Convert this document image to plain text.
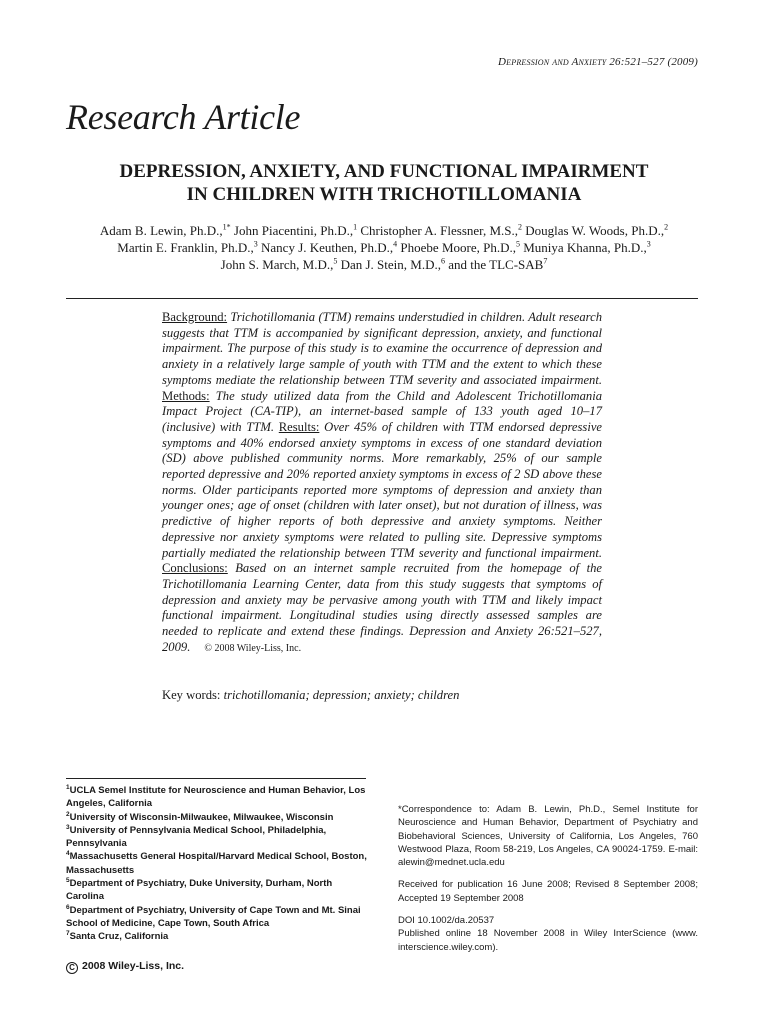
Depression and Anxiety 26:521–527 (2009)
Research Article
DEPRESSION, ANXIETY, AND FUNCTIONAL IMPAIRMENT
IN CHILDREN WITH TRICHOTILLOMANIA
Adam B. Lewin, Ph.D.,$^{1*}$ John Piacentini, Ph.D.,$^1$ Christopher A. Flessner, M.S.,$^2$ Douglas W. Woods, Ph.D.,$^2$
Martin E. Franklin, Ph.D.,$^3$ Nancy J. Keuthen, Ph.D.,$^4$ Phoebe Moore, Ph.D.,$^5$ Muniya Khanna, Ph.D.,$^3$
John S. March, M.D.,$^5$ Dan J. Stein, M.D.,$^6$ and the TLC-SAB$^7$
Background: Trichotillomania (TTM) remains understudied in children. Adult research suggests that TTM is accompanied by significant depression, anxiety, and functional impairment. The purpose of this study is to examine the occurrence of depression and anxiety in a relatively large sample of youth with TTM and the extent to which these symptoms mediate the relationship between TTM severity and associated impairment. Methods: The study utilized data from the Child and Adolescent Trichotillomania Impact Project (CA-TIP), an internet-based sample of 133 youth aged 10–17 (inclusive) with TTM. Results: Over 45% of children with TTM endorsed depressive symptoms and 40% endorsed anxiety symptoms in excess of one standard deviation (SD) above published community norms. More remarkably, 25% of our sample reported depressive and 20% reported anxiety symptoms in excess of 2 SD above these norms. Older participants reported more symptoms of depression and anxiety than younger ones; age of onset (children with later onset), but not duration of illness, was predictive of higher reports of both depressive and anxiety symptoms. Neither depressive nor anxiety symptoms were related to pulling site. Depressive symptoms partially mediated the relationship between TTM severity and functional impairment. Conclusions: Based on an internet sample recruited from the homepage of the Trichotillomania Learning Center, data from this study suggests that symptoms of depression and anxiety may be pervasive among youth with TTM and likely impact functional impairment. Longitudinal studies using directly assessed samples are needed to replicate and extend these findings. Depression and Anxiety 26:521–527, 2009. © 2008 Wiley-Liss, Inc.
Key words: trichotillomania; depression; anxiety; children

$^1$UCLA Semel Institute for Neuroscience and Human Behavior, Los Angeles, California

$^2$University of Wisconsin-Milwaukee, Milwaukee, Wisconsin

$^3$University of Pennsylvania Medical School, Philadelphia, Pennsylvania

$^4$Massachusetts General Hospital/Harvard Medical School, Boston, Massachusetts

$^5$Department of Psychiatry, Duke University, Durham, North Carolina

$^6$Department of Psychiatry, University of Cape Town and Mt. Sinai School of Medicine, Cape Town, South Africa

$^7$Santa Cruz, California

C 2008 Wiley-Liss, Inc.

*Correspondence to: Adam B. Lewin, Ph.D., Semel Institute for Neuroscience and Human Behavior, Department of Psychiatry and Biobehavioral Sciences, University of California, Los Angeles, 760 Westwood Plaza, Room 58-219, Los Angeles, CA 90024-1759. E-mail: alewin@mednet.ucla.edu

Received for publication 16 June 2008; Revised 8 September 2008; Accepted 19 September 2008

DOI 10.1002/da.20537

Published online 18 November 2008 in Wiley InterScience (www. interscience.wiley.com).
